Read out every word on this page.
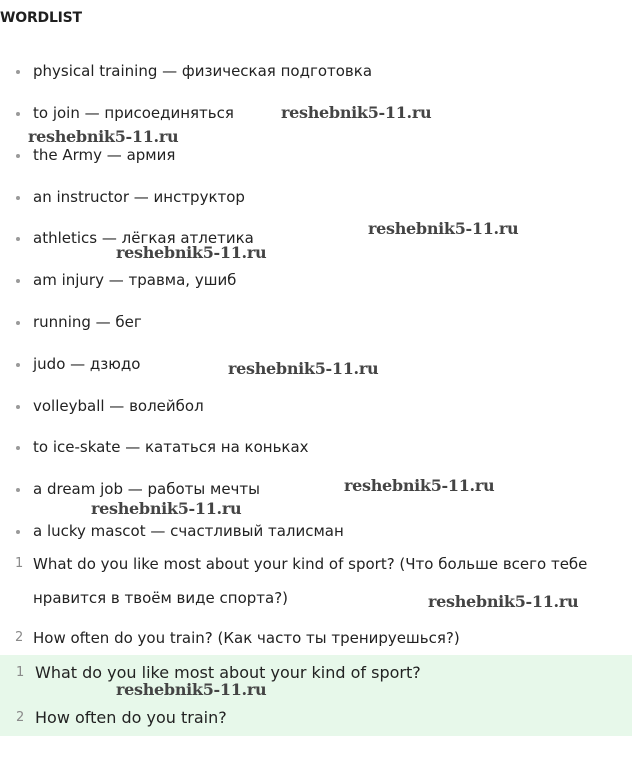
WORDLIST
physical training — физическая подготовка
to join — присоединяться
the Army — армия
an instructor — инструктор
athletics — лёгкая атлетика
am injury — травма, ушиб
running — бег
judo — дзюдо
volleyball — волейбол
to ice-skate — кататься на коньках
a dream job — работы мечты
a lucky mascot — счастливый талисман
1 What do you like most about your kind of sport? (Что больше всего тебе
нравится в твоём виде спорта?)
2 How often do you train? (Как часто ты тренируешься?)
1 What do you like most about your kind of sport?
2 How often do you train?
reshebnik5-11.ru
reshebnik5-11.ru
reshebnik5-11.ru
reshebnik5-11.ru
reshebnik5-11.ru
reshebnik5-11.ru
reshebnik5-11.ru
reshebnik5-11.ru
reshebnik5-11.ru
